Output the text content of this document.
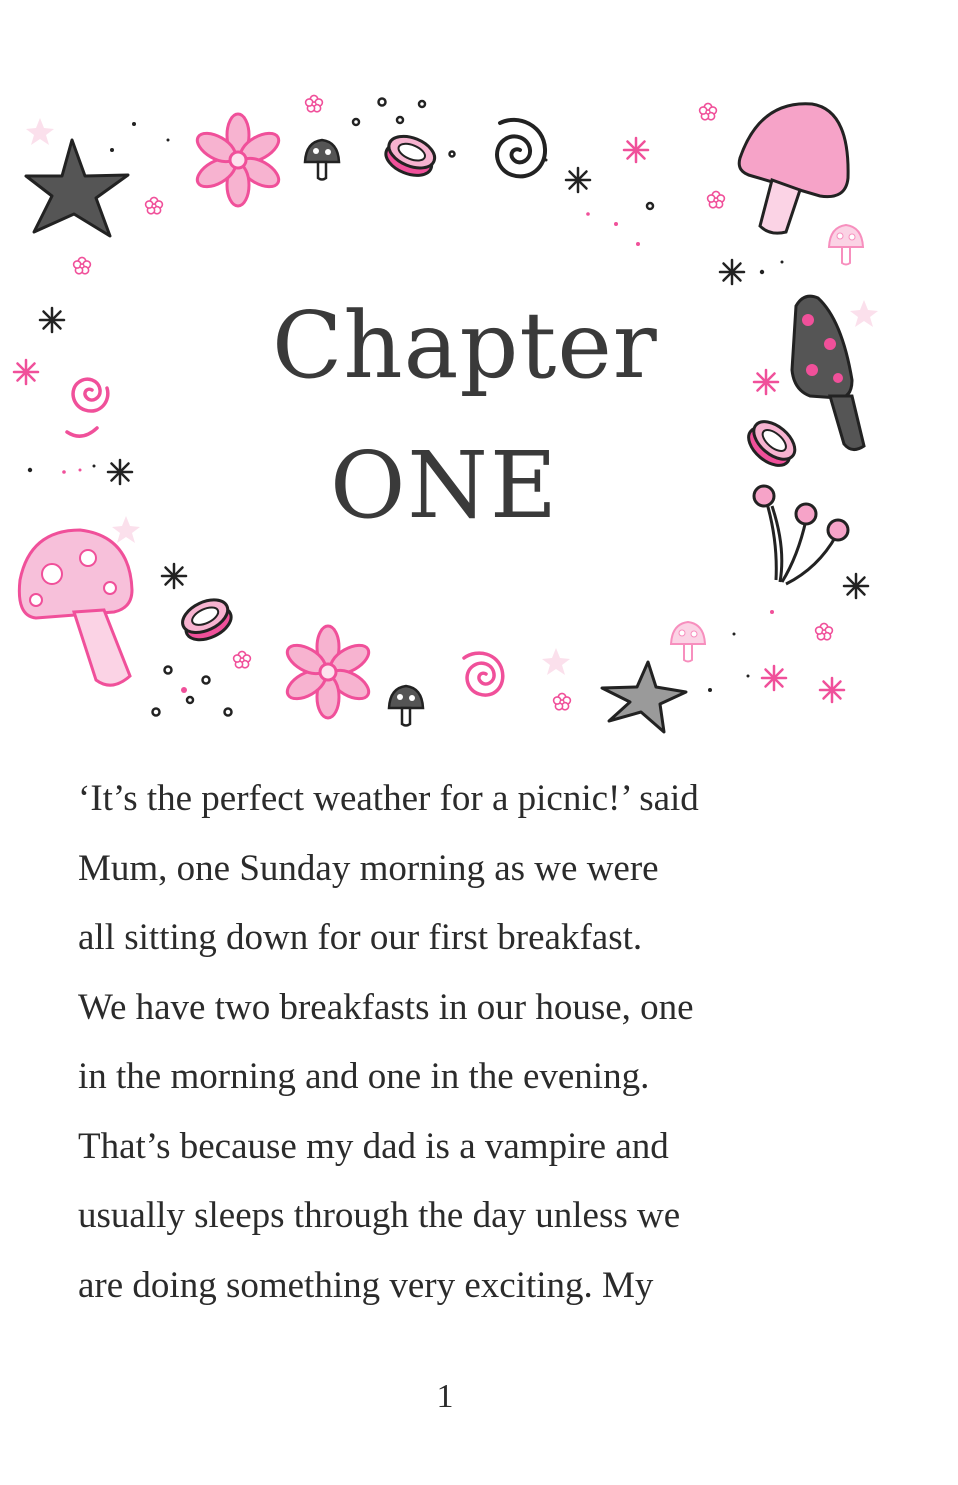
Chapter
ONE
‘It’s the perfect weather for a picnic!’ said
Mum, one Sunday morning as we were
all sitting down for our first breakfast.
We have two breakfasts in our house, one
in the morning and one in the evening.
That’s because my dad is a vampire and
usually sleeps through the day unless we
are doing something very exciting. My
1
